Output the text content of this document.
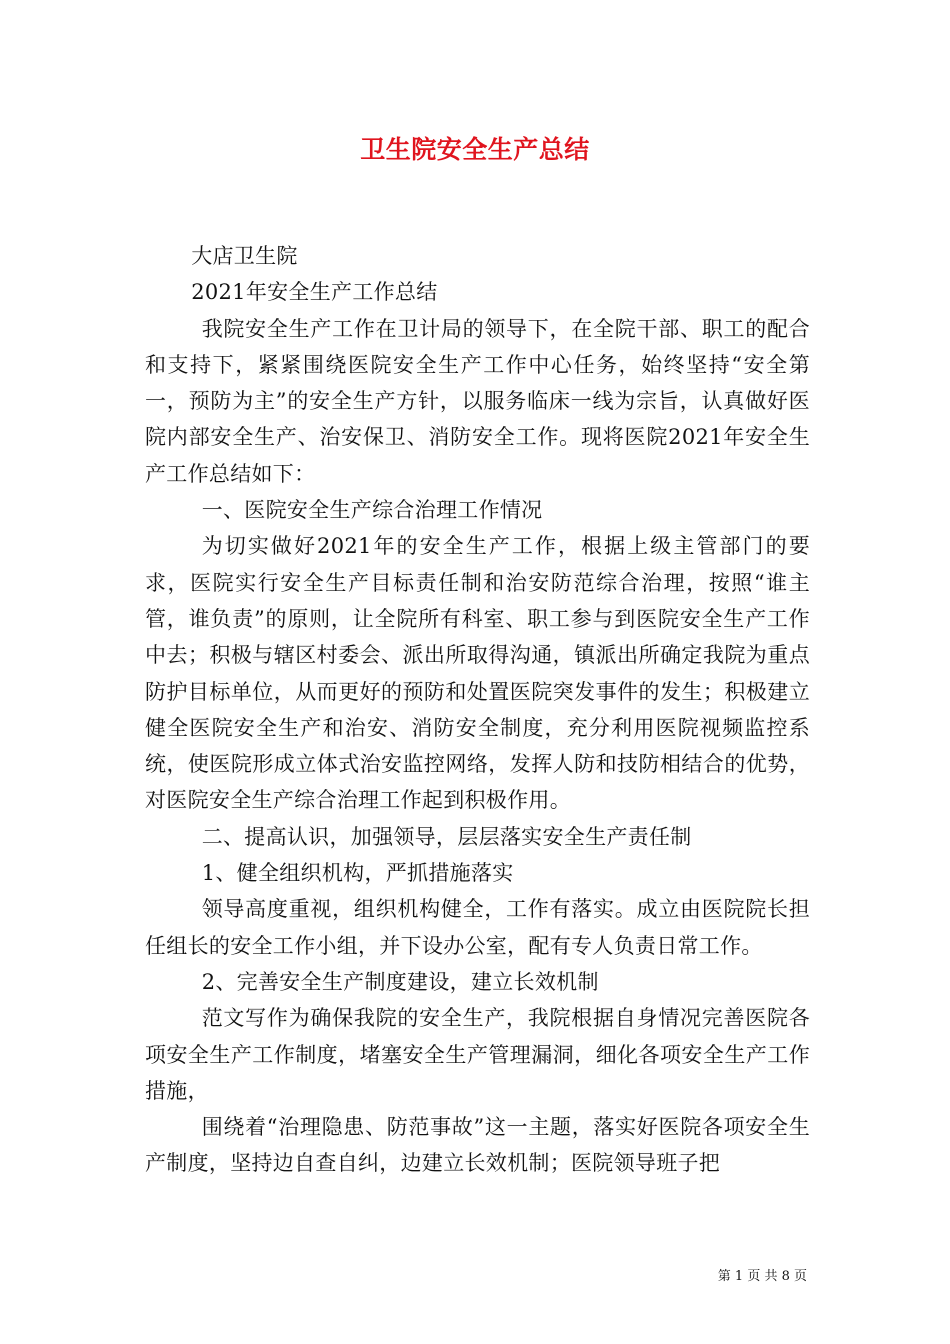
卫生院安全生产总结

大店卫生院

2021年安全生产工作总结

我院安全生产工作在卫计局的领导下，在全院干部、职工的配合和支持下，紧紧围绕医院安全生产工作中心任务，始终坚持“安全第一，预防为主”的安全生产方针，以服务临床一线为宗旨，认真做好医院内部安全生产、治安保卫、消防安全工作。现将医院2021年安全生产工作总结如下：

一、医院安全生产综合治理工作情况

为切实做好2021年的安全生产工作，根据上级主管部门的要求，医院实行安全生产目标责任制和治安防范综合治理，按照“谁主管，谁负责”的原则，让全院所有科室、职工参与到医院安全生产工作中去；积极与辖区村委会、派出所取得沟通，镇派出所确定我院为重点防护目标单位，从而更好的预防和处置医院突发事件的发生；积极建立健全医院安全生产和治安、消防安全制度，充分利用医院视频监控系统，使医院形成立体式治安监控网络，发挥人防和技防相结合的优势，对医院安全生产综合治理工作起到积极作用。

二、提高认识，加强领导，层层落实安全生产责任制

1、健全组织机构，严抓措施落实

领导高度重视，组织机构健全，工作有落实。成立由医院院长担任组长的安全工作小组，并下设办公室，配有专人负责日常工作。

2、完善安全生产制度建设，建立长效机制

范文写作为确保我院的安全生产，我院根据自身情况完善医院各项安全生产工作制度，堵塞安全生产管理漏洞，细化各项安全生产工作措施，

围绕着“治理隐患、防范事故”这一主题，落实好医院各项安全生产制度，坚持边自查自纠，边建立长效机制；医院领导班子把

第 1 页 共 8 页
